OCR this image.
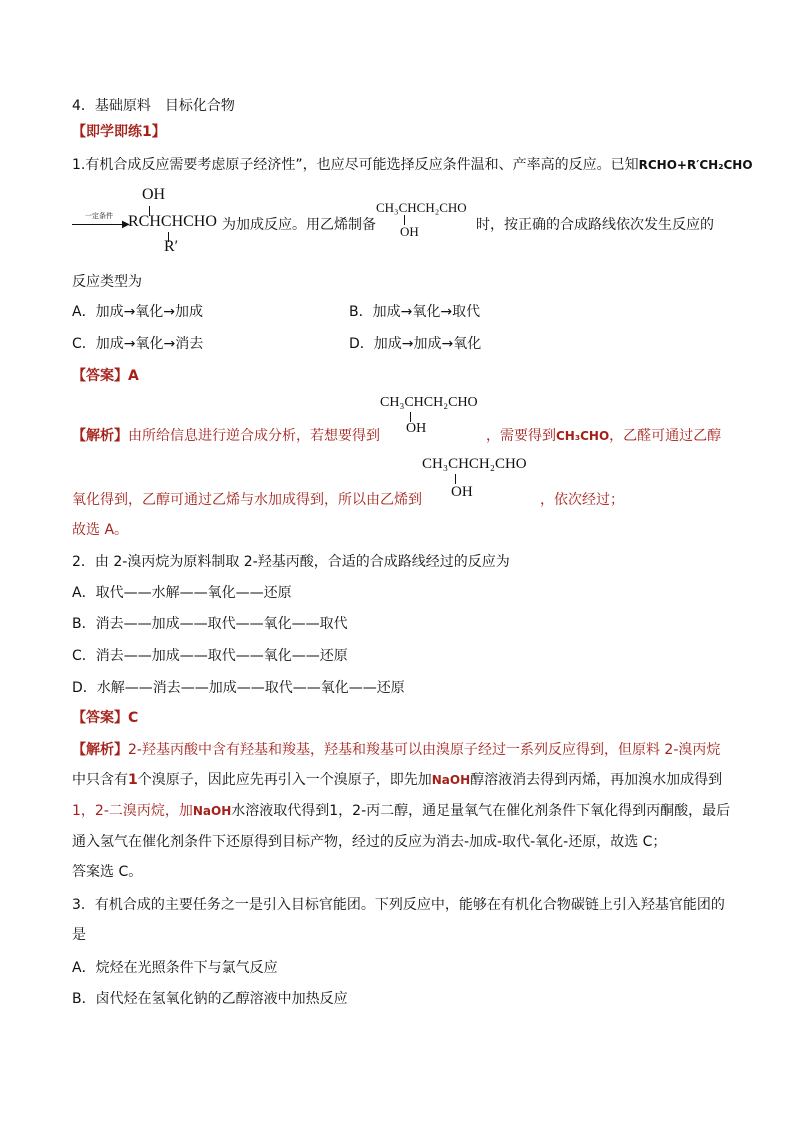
4．基础原料　目标化合物
【即学即练1】
1.有机合成反应需要考虑原子经济性”，也应尽可能选择反应条件温和、产率高的反应。已知RCHO+R′CH₂CHO
▶
一定条件
OH
RCHCHCHO
R′
为加成反应。用乙烯制备
CH₃CHCH₂CHO
OH	时，按正确的合成路线依次发生反应的
反应类型为
A．加成→氧化→加成	B．加成→氧化→取代
C．加成→氧化→消去	D．加成→加成→氧化
【答案】A
CH₃CHCH₂CHO
OH
【解析】由所给信息进行逆合成分析，若想要得到	，需要得到CH₃CHO，乙醛可通过乙醇
CH₃CHCH₂CHO
OH
氧化得到，乙醇可通过乙烯与水加成得到，所以由乙烯到	，依次经过；
故选 A。
2．由 2-溴丙烷为原料制取 2-羟基丙酸，合适的合成路线经过的反应为
A．取代——水解——氧化——还原
B．消去——加成——取代——氧化——取代
C．消去——加成——取代——氧化——还原
D．水解——消去——加成——取代——氧化——还原
【答案】C
【解析】2-羟基丙酸中含有羟基和羧基，羟基和羧基可以由溴原子经过一系列反应得到，但原料 2-溴丙烷
中只含有1个溴原子，因此应先再引入一个溴原子，即先加NaOH醇溶液消去得到丙烯，再加溴水加成得到
1，2-二溴丙烷，加NaOH水溶液取代得到1，2-丙二醇，通足量氧气在催化剂条件下氧化得到丙酮酸，最后
通入氢气在催化剂条件下还原得到目标产物，经过的反应为消去-加成-取代-氧化-还原，故选 C；
答案选 C。
3．有机合成的主要任务之一是引入目标官能团。下列反应中，能够在有机化合物碳链上引入羟基官能团的
是
A．烷烃在光照条件下与氯气反应
B．卤代烃在氢氧化钠的乙醇溶液中加热反应
